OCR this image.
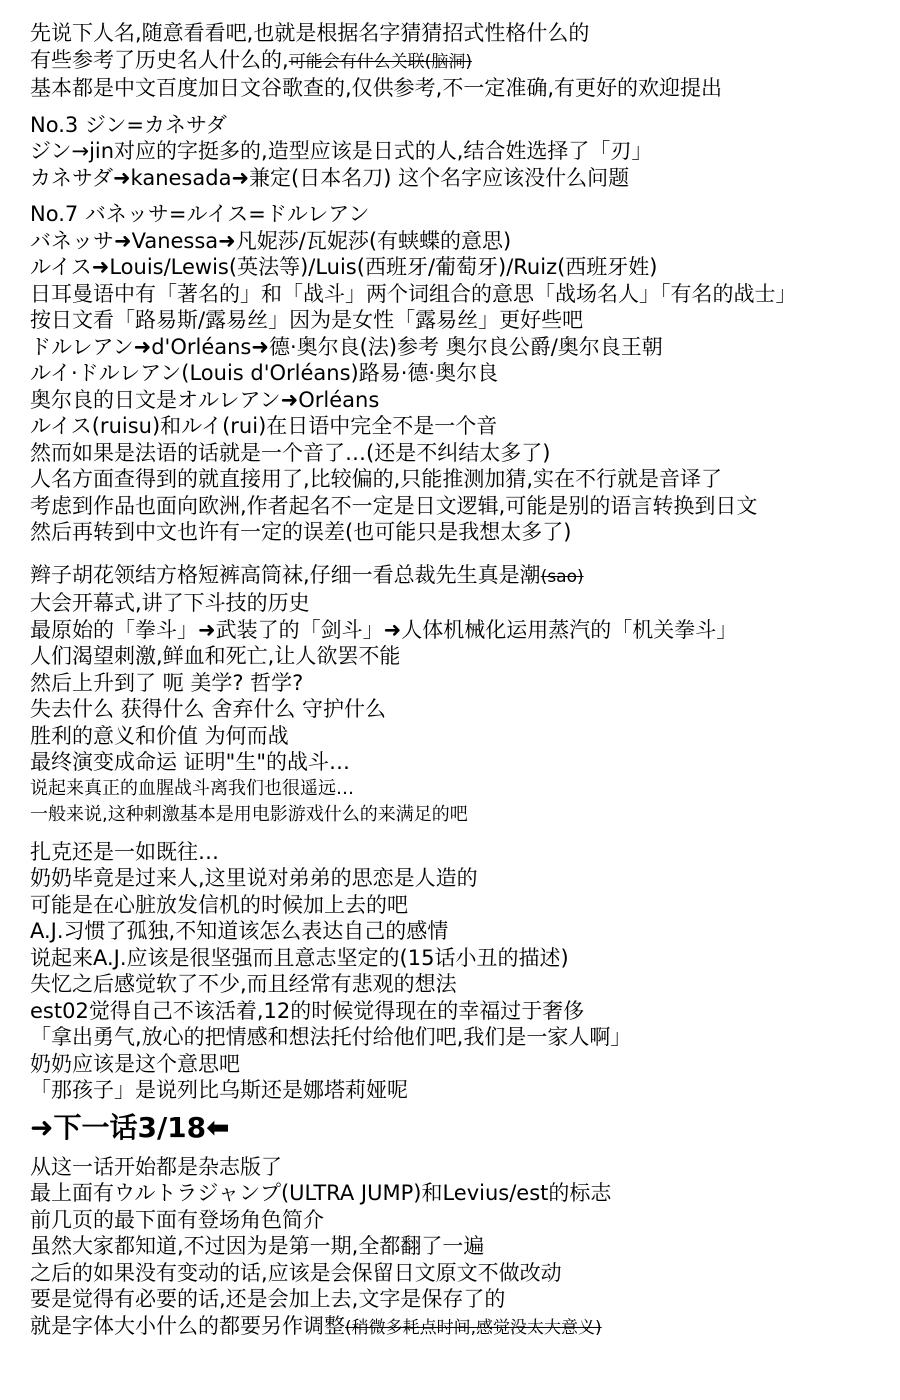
先说下人名,随意看看吧,也就是根据名字猜猜招式性格什么的
有些参考了历史名人什么的,可能会有什么关联(脑洞)
基本都是中文百度加日文谷歌查的,仅供参考,不一定准确,有更好的欢迎提出
No.3 ジン=カネサダ
ジン→jin对应的字挺多的,造型应该是日式的人,结合姓选择了「刃」
カネサダ➜kanesada➜兼定(日本名刀) 这个名字应该没什么问题
No.7 バネッサ=ルイス=ドルレアン
バネッサ➜Vanessa➜凡妮莎/瓦妮莎(有蛱蝶的意思)
ルイス➜Louis/Lewis(英法等)/Luis(西班牙/葡萄牙)/Ruiz(西班牙姓)
日耳曼语中有「著名的」和「战斗」两个词组合的意思「战场名人」「有名的战士」
按日文看「路易斯/露易丝」因为是女性「露易丝」更好些吧
ドルレアン➜d'Orléans➜德·奥尔良(法)参考 奥尔良公爵/奥尔良王朝
ルイ·ドルレアン(Louis d'Orléans)路易·德·奥尔良
奥尔良的日文是オルレアン➜Orléans
ルイス(ruisu)和ルイ(rui)在日语中完全不是一个音
然而如果是法语的话就是一个音了…(还是不纠结太多了)
人名方面查得到的就直接用了,比较偏的,只能推测加猜,实在不行就是音译了
考虑到作品也面向欧洲,作者起名不一定是日文逻辑,可能是别的语言转换到日文
然后再转到中文也许有一定的误差(也可能只是我想太多了)
辫子胡花领结方格短裤高筒袜,仔细一看总裁先生真是潮(sao)
大会开幕式,讲了下斗技的历史
最原始的「拳斗」➜武装了的「剑斗」➜人体机械化运用蒸汽的「机关拳斗」
人们渴望刺激,鲜血和死亡,让人欲罢不能
然后上升到了 呃 美学? 哲学?
失去什么 获得什么 舍弃什么 守护什么
胜利的意义和价值 为何而战
最终演变成命运 证明"生"的战斗…
说起来真正的血腥战斗离我们也很遥远…
一般来说,这种刺激基本是用电影游戏什么的来满足的吧
扎克还是一如既往…
奶奶毕竟是过来人,这里说对弟弟的思恋是人造的
可能是在心脏放发信机的时候加上去的吧
A.J.习惯了孤独,不知道该怎么表达自己的感情
说起来A.J.应该是很坚强而且意志坚定的(15话小丑的描述)
失忆之后感觉软了不少,而且经常有悲观的想法
est02觉得自己不该活着,12的时候觉得现在的幸福过于奢侈
「拿出勇气,放心的把情感和想法托付给他们吧,我们是一家人啊」
奶奶应该是这个意思吧
「那孩子」是说列比乌斯还是娜塔莉娅呢
➜下一话3/18⬅
从这一话开始都是杂志版了
最上面有ウルトラジャンプ(ULTRA JUMP)和Levius/est的标志
前几页的最下面有登场角色简介
虽然大家都知道,不过因为是第一期,全都翻了一遍
之后的如果没有变动的话,应该是会保留日文原文不做改动
要是觉得有必要的话,还是会加上去,文字是保存了的
就是字体大小什么的都要另作调整(稍微多耗点时间,感觉没太大意义)
